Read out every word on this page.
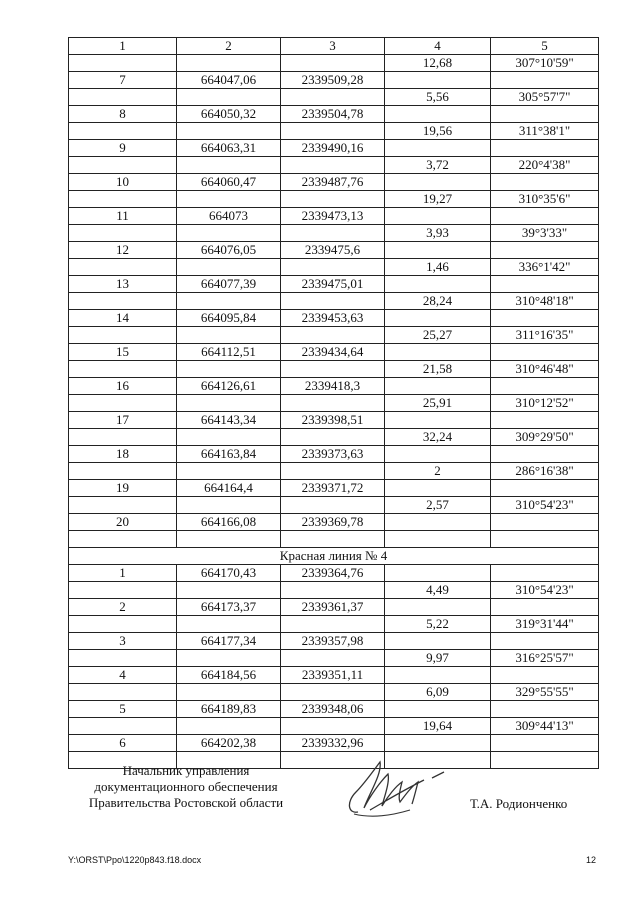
1	2	3	4	5
			12,68	307°10'59"
7	664047,06	2339509,28		
			5,56	305°57'7"
8	664050,32	2339504,78		
			19,56	311°38'1"
9	664063,31	2339490,16		
			3,72	220°4'38"
10	664060,47	2339487,76		
			19,27	310°35'6"
11	664073	2339473,13		
			3,93	39°3'33"
12	664076,05	2339475,6		
			1,46	336°1'42"
13	664077,39	2339475,01		
			28,24	310°48'18"
14	664095,84	2339453,63		
			25,27	311°16'35"
15	664112,51	2339434,64		
			21,58	310°46'48"
16	664126,61	2339418,3		
			25,91	310°12'52"
17	664143,34	2339398,51		
			32,24	309°29'50"
18	664163,84	2339373,63		
			2	286°16'38"
19	664164,4	2339371,72		
			2,57	310°54'23"
20	664166,08	2339369,78		

Красная линия № 4				
1	664170,43	2339364,76		
			4,49	310°54'23"
2	664173,37	2339361,37		
			5,22	319°31'44"
3	664177,34	2339357,98		
			9,97	316°25'57"
4	664184,56	2339351,11		
			6,09	329°55'55"
5	664189,83	2339348,06		
			19,64	309°44'13"
6	664202,38	2339332,96		

Начальник управления
документационного обеспечения
Правительства Ростовской области	Т.А. Родионченко
Y:\ORST\Ppo\1220p843.f18.docx	12
